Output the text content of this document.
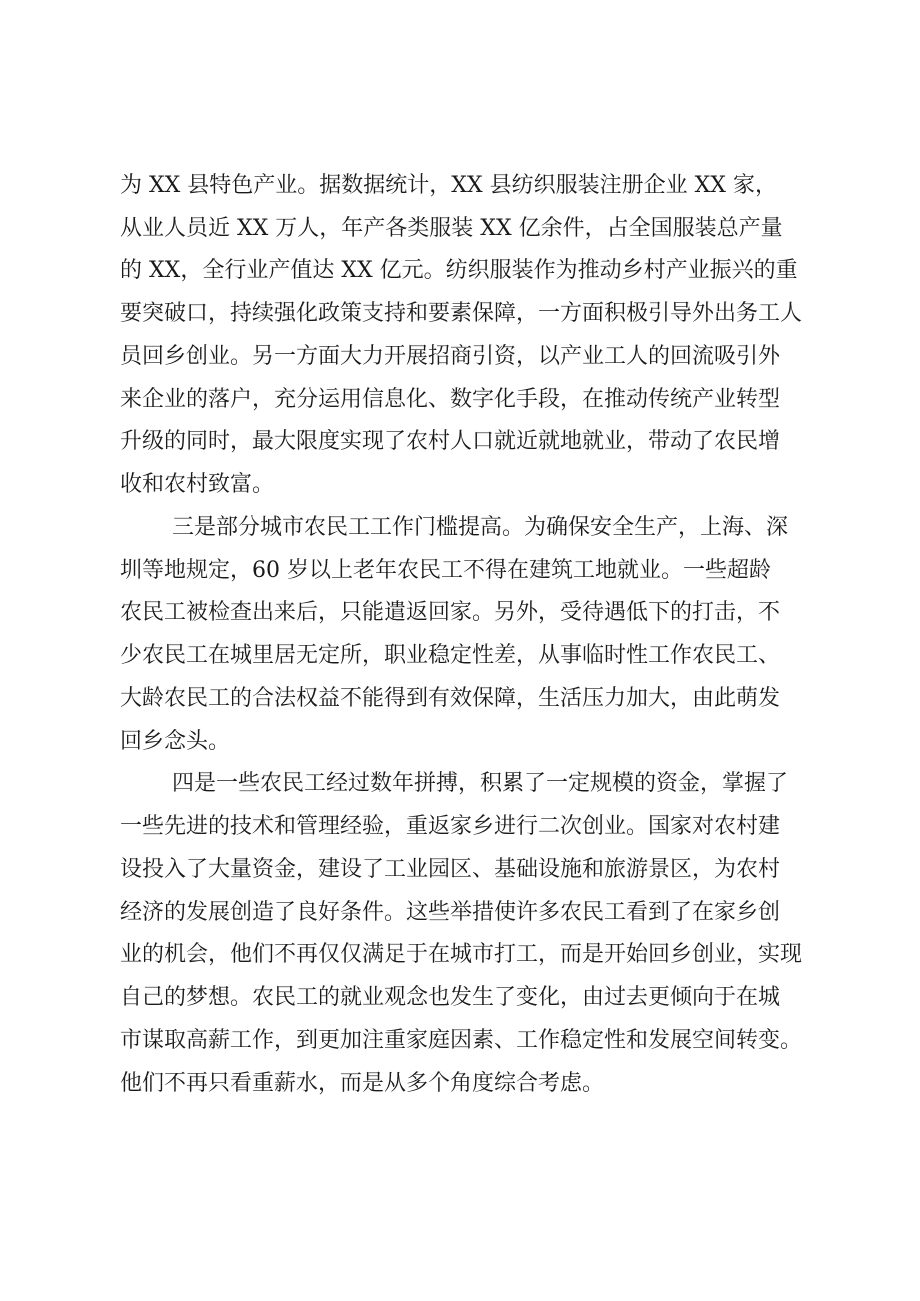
为 XX 县特色产业。据数据统计，XX 县纺织服装注册企业 XX 家，
从业人员近 XX 万人，年产各类服装 XX 亿余件，占全国服装总产量
的 XX，全行业产值达 XX 亿元。纺织服装作为推动乡村产业振兴的重
要突破口，持续强化政策支持和要素保障，一方面积极引导外出务工人
员回乡创业。另一方面大力开展招商引资，以产业工人的回流吸引外
来企业的落户，充分运用信息化、数字化手段，在推动传统产业转型
升级的同时，最大限度实现了农村人口就近就地就业，带动了农民增
收和农村致富。
三是部分城市农民工工作门槛提高。为确保安全生产，上海、深
圳等地规定，60 岁以上老年农民工不得在建筑工地就业。一些超龄
农民工被检查出来后，只能遣返回家。另外，受待遇低下的打击，不
少农民工在城里居无定所，职业稳定性差，从事临时性工作农民工、
大龄农民工的合法权益不能得到有效保障，生活压力加大，由此萌发
回乡念头。
四是一些农民工经过数年拼搏，积累了一定规模的资金，掌握了
一些先进的技术和管理经验，重返家乡进行二次创业。国家对农村建
设投入了大量资金，建设了工业园区、基础设施和旅游景区，为农村
经济的发展创造了良好条件。这些举措使许多农民工看到了在家乡创
业的机会，他们不再仅仅满足于在城市打工，而是开始回乡创业，实现
自己的梦想。农民工的就业观念也发生了变化，由过去更倾向于在城
市谋取高薪工作，到更加注重家庭因素、工作稳定性和发展空间转变。
他们不再只看重薪水，而是从多个角度综合考虑。
